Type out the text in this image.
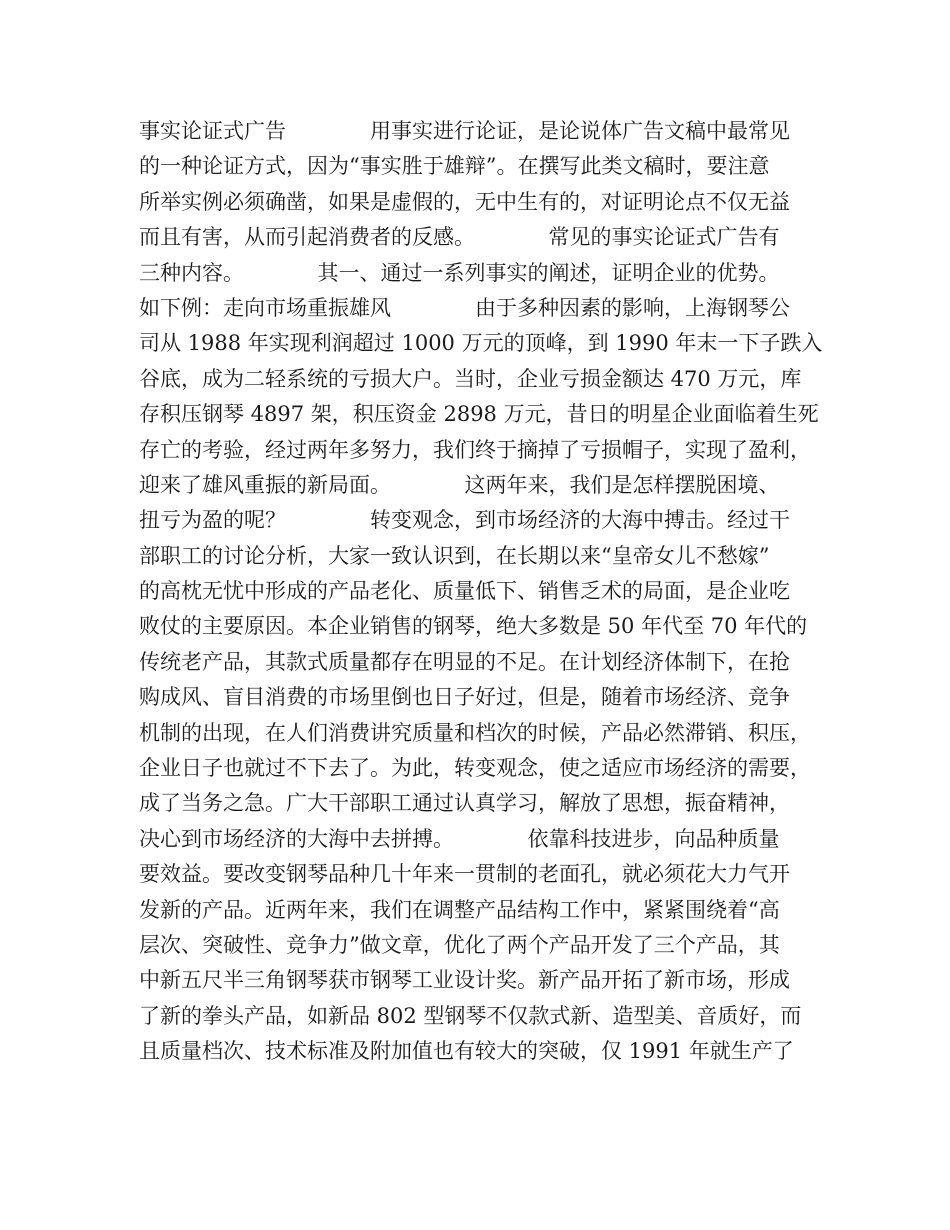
事实论证式广告　　　　用事实进行论证，是论说体广告文稿中最常见
的一种论证方式，因为“事实胜于雄辩”。在撰写此类文稿时，要注意
所举实例必须确凿，如果是虚假的，无中生有的，对证明论点不仅无益
而且有害，从而引起消费者的反感。　　　　常见的事实论证式广告有
三种内容。　　　　其一、通过一系列事实的阐述，证明企业的优势。
如下例：走向市场重振雄风　　　　由于多种因素的影响，上海钢琴公
司从 1988 年实现利润超过 1000 万元的顶峰，到 1990 年末一下子跌入
谷底，成为二轻系统的亏损大户。当时，企业亏损金额达 470 万元，库
存积压钢琴 4897 架，积压资金 2898 万元，昔日的明星企业面临着生死
存亡的考验，经过两年多努力，我们终于摘掉了亏损帽子，实现了盈利，
迎来了雄风重振的新局面。　　　　这两年来，我们是怎样摆脱困境、
扭亏为盈的呢？　　　　转变观念，到市场经济的大海中搏击。经过干
部职工的讨论分析，大家一致认识到，在长期以来“皇帝女儿不愁嫁”
的高枕无忧中形成的产品老化、质量低下、销售乏术的局面，是企业吃
败仗的主要原因。本企业销售的钢琴，绝大多数是 50 年代至 70 年代的
传统老产品，其款式质量都存在明显的不足。在计划经济体制下，在抢
购成风、盲目消费的市场里倒也日子好过，但是，随着市场经济、竞争
机制的出现，在人们消费讲究质量和档次的时候，产品必然滞销、积压，
企业日子也就过不下去了。为此，转变观念，使之适应市场经济的需要，
成了当务之急。广大干部职工通过认真学习，解放了思想，振奋精神，
决心到市场经济的大海中去拼搏。　　　　依靠科技进步，向品种质量
要效益。要改变钢琴品种几十年来一贯制的老面孔，就必须花大力气开
发新的产品。近两年来，我们在调整产品结构工作中，紧紧围绕着“高
层次、突破性、竞争力”做文章，优化了两个产品开发了三个产品，其
中新五尺半三角钢琴获市钢琴工业设计奖。新产品开拓了新市场，形成
了新的拳头产品，如新品 802 型钢琴不仅款式新、造型美、音质好，而
且质量档次、技术标准及附加值也有较大的突破，仅 1991 年就生产了
